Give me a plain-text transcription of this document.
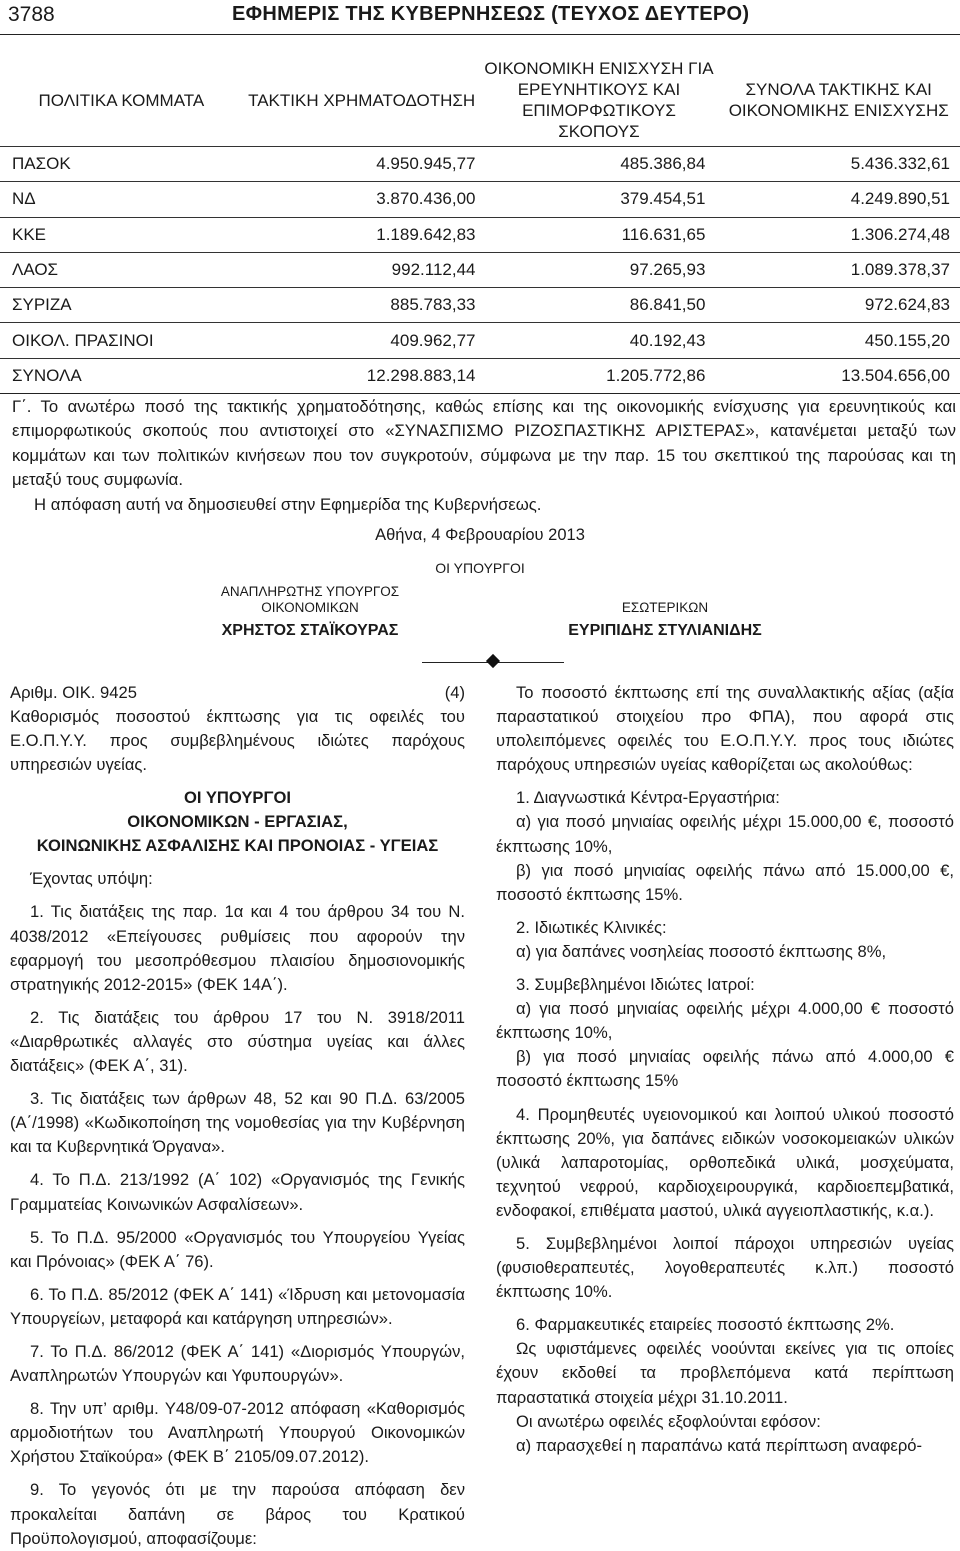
3788	ΕΦΗΜΕΡΙΣ ΤΗΣ ΚΥΒΕΡΝΗΣΕΩΣ (ΤΕΥΧΟΣ ΔΕΥΤΕΡΟ)
ΠΟΛΙΤΙΚΑ ΚΟΜΜΑΤΑ	ΤΑΚΤΙΚΗ ΧΡΗΜΑΤΟΔΟΤΗΣΗ	ΟΙΚΟΝΟΜΙΚΗ ΕΝΙΣΧΥΣΗ ΓΙΑ ΕΡΕΥΝΗΤΙΚΟΥΣ ΚΑΙ ΕΠΙΜΟΡΦΩΤΙΚΟΥΣ ΣΚΟΠΟΥΣ	ΣΥΝΟΛΑ ΤΑΚΤΙΚΗΣ ΚΑΙ ΟΙΚΟΝΟΜΙΚΗΣ ΕΝΙΣΧΥΣΗΣ
ΠΑΣΟΚ	4.950.945,77	485.386,84	5.436.332,61
ΝΔ	3.870.436,00	379.454,51	4.249.890,51
ΚΚΕ	1.189.642,83	116.631,65	1.306.274,48
ΛΑΟΣ	992.112,44	97.265,93	1.089.378,37
ΣΥΡΙΖΑ	885.783,33	86.841,50	972.624,83
ΟΙΚΟΛ. ΠΡΑΣΙΝΟΙ	409.962,77	40.192,43	450.155,20
ΣΥΝΟΛΑ	12.298.883,14	1.205.772,86	13.504.656,00

Γ΄. Το ανωτέρω ποσό της τακτικής χρηματοδότησης, καθώς επίσης και της οικονομικής ενίσχυσης για ερευνητικούς και επιμορφωτικούς σκοπούς που αντιστοιχεί στο «ΣΥΝΑΣΠΙΣΜΟ ΡΙΖΟΣΠΑΣΤΙΚΗΣ ΑΡΙΣΤΕΡΑΣ», κατανέμεται μεταξύ των κομμάτων και των πολιτικών κινήσεων που τον συγκροτούν, σύμφωνα με την παρ. 15 του σκεπτικού της παρούσας και τη μεταξύ τους συμφωνία.

Η απόφαση αυτή να δημοσιευθεί στην Εφημερίδα της Κυβερνήσεως.

Αθήνα, 4 Φεβρουαρίου 2013
ΟΙ ΥΠΟΥΡΓΟΙ
ΑΝΑΠΛΗΡΩΤΗΣ ΥΠΟΥΡΓΟΣ
ΟΙΚΟΝΟΜΙΚΩΝ	ΕΣΩΤΕΡΙΚΩΝ
ΧΡΗΣΤΟΣ ΣΤΑΪΚΟΥΡΑΣ	ΕΥΡΙΠΙΔΗΣ ΣΤΥΛΙΑΝΙΔΗΣ
Αριθμ. ΟΙΚ. 9425	(4)

Καθορισμός ποσοστού έκπτωσης για τις οφειλές του Ε.Ο.Π.Υ.Υ. προς συμβεβλημένους ιδιώτες παρόχους υπηρεσιών υγείας.

ΟΙ ΥΠΟΥΡΓΟΙ
ΟΙΚΟΝΟΜΙΚΩΝ - ΕΡΓΑΣΙΑΣ,
ΚΟΙΝΩΝΙΚΗΣ ΑΣΦΑΛΙΣΗΣ ΚΑΙ ΠΡΟΝΟΙΑΣ - ΥΓΕΙΑΣ

Έχοντας υπόψη:

1. Τις διατάξεις της παρ. 1α και 4 του άρθρου 34 του Ν. 4038/2012 «Επείγουσες ρυθμίσεις που αφορούν την εφαρμογή του μεσοπρόθεσμου πλαισίου δημοσιονομικής στρατηγικής 2012-2015» (ΦΕΚ 14Α΄).

2. Τις διατάξεις του άρθρου 17 του Ν. 3918/2011 «Διαρθρωτικές αλλαγές στο σύστημα υγείας και άλλες διατάξεις» (ΦΕΚ Α΄, 31).

3. Τις διατάξεις των άρθρων 48, 52 και 90 Π.Δ. 63/2005 (Α΄/1998) «Κωδικοποίηση της νομοθεσίας για την Κυβέρνηση και τα Κυβερνητικά Όργανα».

4. Το Π.Δ. 213/1992 (Α΄ 102) «Οργανισμός της Γενικής Γραμματείας Κοινωνικών Ασφαλίσεων».

5. Το Π.Δ. 95/2000 «Οργανισμός του Υπουργείου Υγείας και Πρόνοιας» (ΦΕΚ Α΄ 76).

6. Το Π.Δ. 85/2012 (ΦΕΚ Α΄ 141) «Ίδρυση και μετονομασία Υπουργείων, μεταφορά και κατάργηση υπηρεσιών».

7. Το Π.Δ. 86/2012 (ΦΕΚ Α΄ 141) «Διορισμός Υπουργών, Αναπληρωτών Υπουργών και Υφυπουργών».

8. Την υπ’ αριθμ. Υ48/09-07-2012 απόφαση «Καθορισμός αρμοδιοτήτων του Αναπληρωτή Υπουργού Οικονομικών Χρήστου Σταϊκούρα» (ΦΕΚ Β΄ 2105/09.07.2012).

9. Το γεγονός ότι με την παρούσα απόφαση δεν προκαλείται δαπάνη σε βάρος του Κρατικού Προϋπολογισμού, αποφασίζουμε:

Το ποσοστό έκπτωσης επί της συναλλακτικής αξίας (αξία παραστατικού στοιχείου προ ΦΠΑ), που αφορά στις υπολειπόμενες οφειλές του Ε.Ο.Π.Υ.Υ. προς τους ιδιώτες παρόχους υπηρεσιών υγείας καθορίζεται ως ακολούθως:

1. Διαγνωστικά Κέντρα-Εργαστήρια:

α) για ποσό μηνιαίας οφειλής μέχρι 15.000,00 €, ποσοστό έκπτωσης 10%,

β) για ποσό μηνιαίας οφειλής πάνω από 15.000,00 €, ποσοστό έκπτωσης 15%.

2. Ιδιωτικές Κλινικές:

α) για δαπάνες νοσηλείας ποσοστό έκπτωσης 8%,

3. Συμβεβλημένοι Ιδιώτες Ιατροί:

α) για ποσό μηνιαίας οφειλής μέχρι 4.000,00 € ποσοστό έκπτωσης 10%,

β) για ποσό μηνιαίας οφειλής πάνω από 4.000,00 € ποσοστό έκπτωσης 15%

4. Προμηθευτές υγειονομικού και λοιπού υλικού ποσοστό έκπτωσης 20%, για δαπάνες ειδικών νοσοκομειακών υλικών (υλικά λαπαροτομίας, ορθοπεδικά υλικά, μοσχεύματα, τεχνητού νεφρού, καρδιοχειρουργικά, καρδιοεπεμβατικά, ενδοφακοί, επιθέματα μαστού, υλικά αγγειοπλαστικής, κ.α.).

5. Συμβεβλημένοι λοιποί πάροχοι υπηρεσιών υγείας (φυσιοθεραπευτές, λογοθεραπευτές κ.λπ.) ποσοστό έκπτωσης 10%.

6. Φαρμακευτικές εταιρείες ποσοστό έκπτωσης 2%.

Ως υφιστάμενες οφειλές νοούνται εκείνες για τις οποίες έχουν εκδοθεί τα προβλεπόμενα κατά περίπτωση παραστατικά στοιχεία μέχρι 31.10.2011.

Οι ανωτέρω οφειλές εξοφλούνται εφόσον:

α) παρασχεθεί η παραπάνω κατά περίπτωση αναφερό-
